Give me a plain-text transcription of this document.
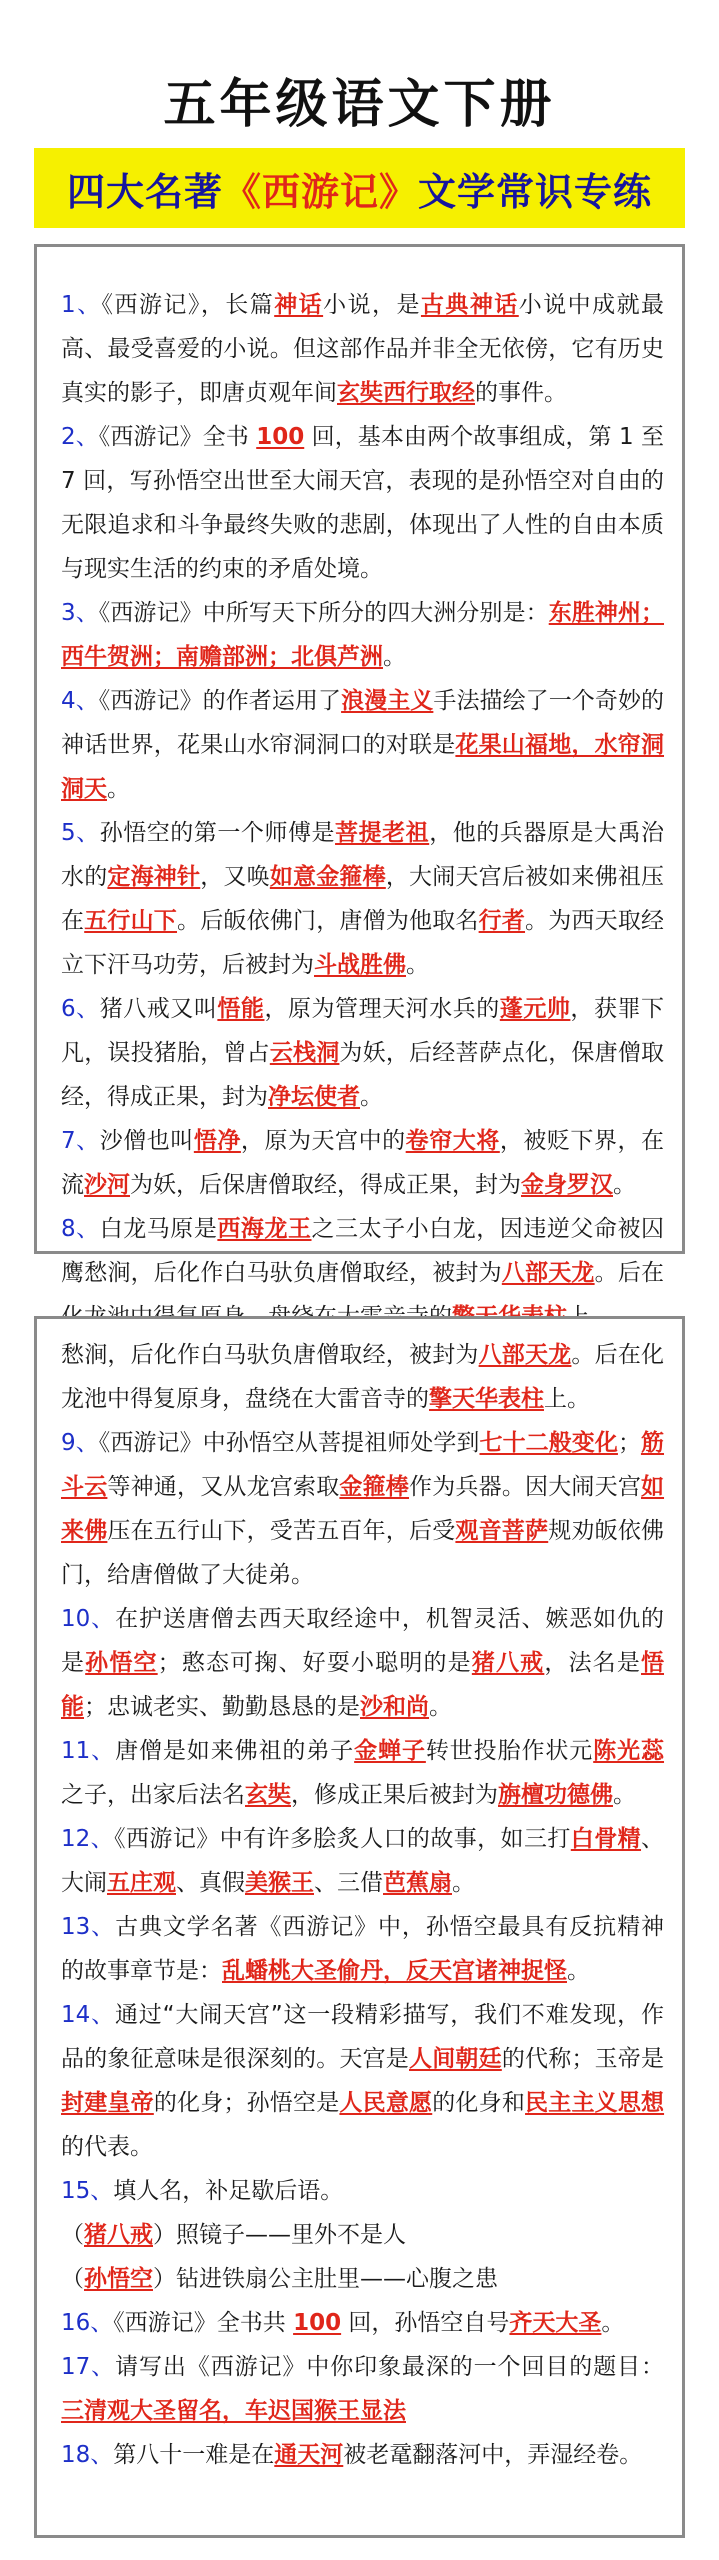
五年级语文下册
四大名著 《西游记》 文学常识专练

1、《西游记》，长篇神话小说，是古典神话小说中成就最高、最受喜爱的小说。但这部作品并非全无依傍，它有历史真实的影子，即唐贞观年间玄奘西行取经的事件。

2、《西游记》全书 100 回，基本由两个故事组成，第 1 至 7 回，写孙悟空出世至大闹天宫，表现的是孙悟空对自由的无限追求和斗争最终失败的悲剧，体现出了人性的自由本质与现实生活的约束的矛盾处境。

3、《西游记》中所写天下所分的四大洲分别是：东胜神州；西牛贺洲；南赡部洲；北俱芦洲。

4、《西游记》的作者运用了浪漫主义手法描绘了一个奇妙的神话世界，花果山水帘洞洞口的对联是花果山福地，水帘洞洞天。

5、孙悟空的第一个师傅是菩提老祖，他的兵器原是大禹治水的定海神针，又唤如意金箍棒，大闹天宫后被如来佛祖压在五行山下。后皈依佛门，唐僧为他取名行者。为西天取经立下汗马功劳，后被封为斗战胜佛。

6、猪八戒又叫悟能，原为管理天河水兵的蓬元帅，获罪下凡，误投猪胎，曾占云栈洞为妖，后经菩萨点化，保唐僧取经，得成正果，封为净坛使者。

7、沙僧也叫悟净，原为天宫中的卷帘大将，被贬下界，在流沙河为妖，后保唐僧取经，得成正果，封为金身罗汉。

8、白龙马原是西海龙王之三太子小白龙，因违逆父命被囚鹰愁涧，后化作白马驮负唐僧取经，被封为八部天龙。后在

愁涧，后化作白马驮负唐僧取经，被封为八部天龙。后在化龙池中得复原身，盘绕在大雷音寺的擎天华表柱上。

9、《西游记》中孙悟空从菩提祖师处学到七十二般变化；筋斗云等神通，又从龙宫索取金箍棒作为兵器。因大闹天宫如来佛压在五行山下，受苦五百年，后受观音菩萨规劝皈依佛门，给唐僧做了大徒弟。

10、在护送唐僧去西天取经途中，机智灵活、嫉恶如仇的是孙悟空；憨态可掬、好耍小聪明的是猪八戒，法名是悟能；忠诚老实、勤勤恳恳的是沙和尚。

11、唐僧是如来佛祖的弟子金蝉子转世投胎作状元陈光蕊之子，出家后法名玄奘，修成正果后被封为旃檀功德佛。

12、《西游记》中有许多脍炙人口的故事，如三打白骨精、大闹五庄观、真假美猴王、三借芭蕉扇。

13、古典文学名著《西游记》中，孙悟空最具有反抗精神的故事章节是：乱蟠桃大圣偷丹，反天宫诸神捉怪。

14、通过“大闹天宫”这一段精彩描写，我们不难发现，作品的象征意味是很深刻的。天宫是人间朝廷的代称；玉帝是封建皇帝的化身；孙悟空是人民意愿的化身和民主主义思想的代表。

15、填人名，补足歇后语。

（猪八戒）照镜子——里外不是人

（孙悟空）钻进铁扇公主肚里——心腹之患

16、《西游记》全书共 100 回，孙悟空自号齐天大圣。

17、请写出《西游记》中你印象最深的一个回目的题目：三清观大圣留名，车迟国猴王显法

18、第八十一难是在通天河被老鼋翻落河中，弄湿经卷。
